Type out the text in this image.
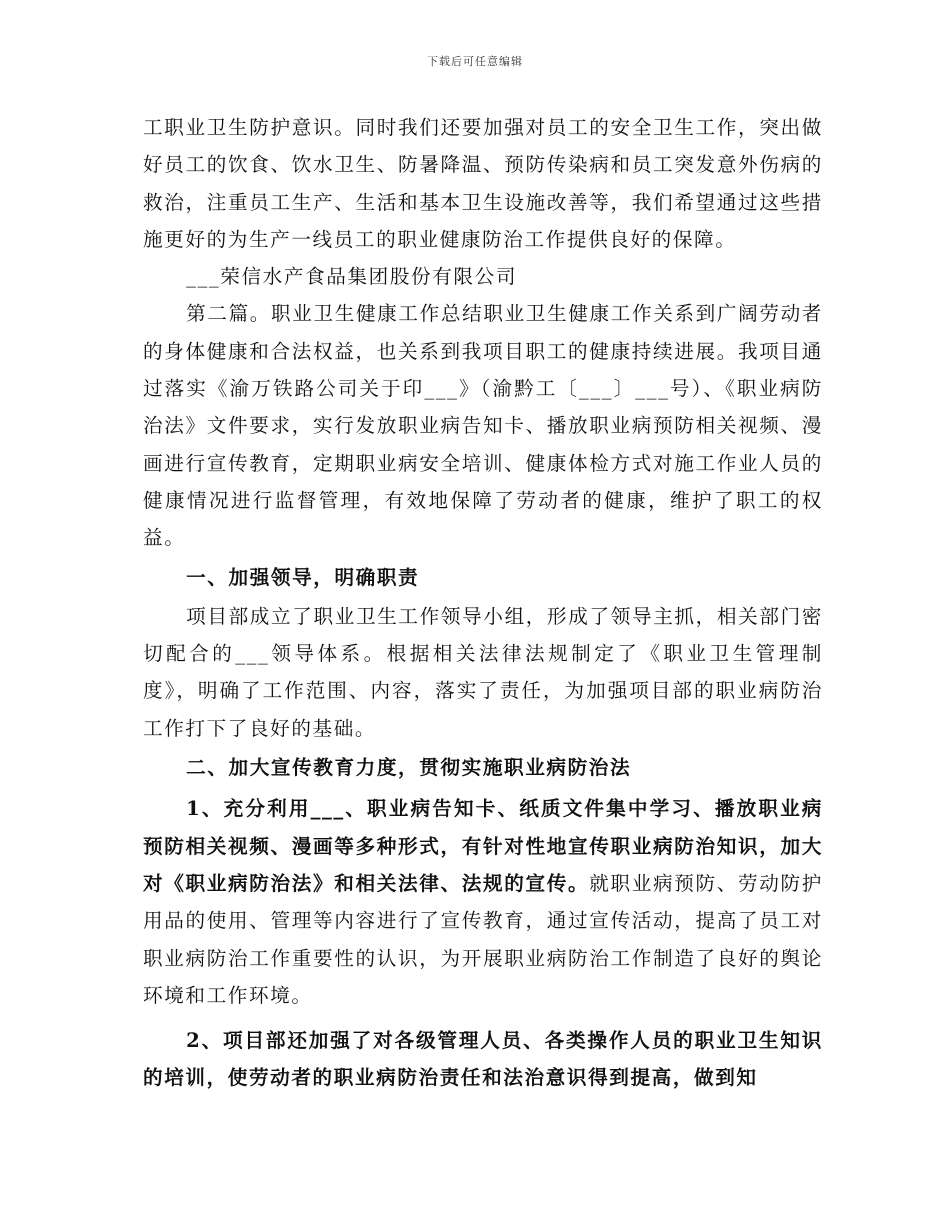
下载后可任意编辑

工职业卫生防护意识。同时我们还要加强对员工的安全卫生工作，突出做好员工的饮食、饮水卫生、防暑降温、预防传染病和员工突发意外伤病的救治，注重员工生产、生活和基本卫生设施改善等，我们希望通过这些措施更好的为生产一线员工的职业健康防治工作提供良好的保障。

___荣信水产食品集团股份有限公司

第二篇。职业卫生健康工作总结职业卫生健康工作关系到广阔劳动者的身体健康和合法权益，也关系到我项目职工的健康持续进展。我项目通过落实《渝万铁路公司关于印___》（渝黔工〔___〕___号）、《职业病防治法》文件要求，实行发放职业病告知卡、播放职业病预防相关视频、漫画进行宣传教育，定期职业病安全培训、健康体检方式对施工作业人员的健康情况进行监督管理，有效地保障了劳动者的健康，维护了职工的权益。

一、加强领导，明确职责

项目部成立了职业卫生工作领导小组，形成了领导主抓，相关部门密切配合的___领导体系。根据相关法律法规制定了《职业卫生管理制度》，明确了工作范围、内容，落实了责任，为加强项目部的职业病防治工作打下了良好的基础。

二、加大宣传教育力度，贯彻实施职业病防治法

1、充分利用___、职业病告知卡、纸质文件集中学习、播放职业病预防相关视频、漫画等多种形式，有针对性地宣传职业病防治知识，加大对《职业病防治法》和相关法律、法规的宣传。就职业病预防、劳动防护用品的使用、管理等内容进行了宣传教育，通过宣传活动，提高了员工对职业病防治工作重要性的认识，为开展职业病防治工作制造了良好的舆论环境和工作环境。

2、项目部还加强了对各级管理人员、各类操作人员的职业卫生知识的培训，使劳动者的职业病防治责任和法治意识得到提高，做到知
